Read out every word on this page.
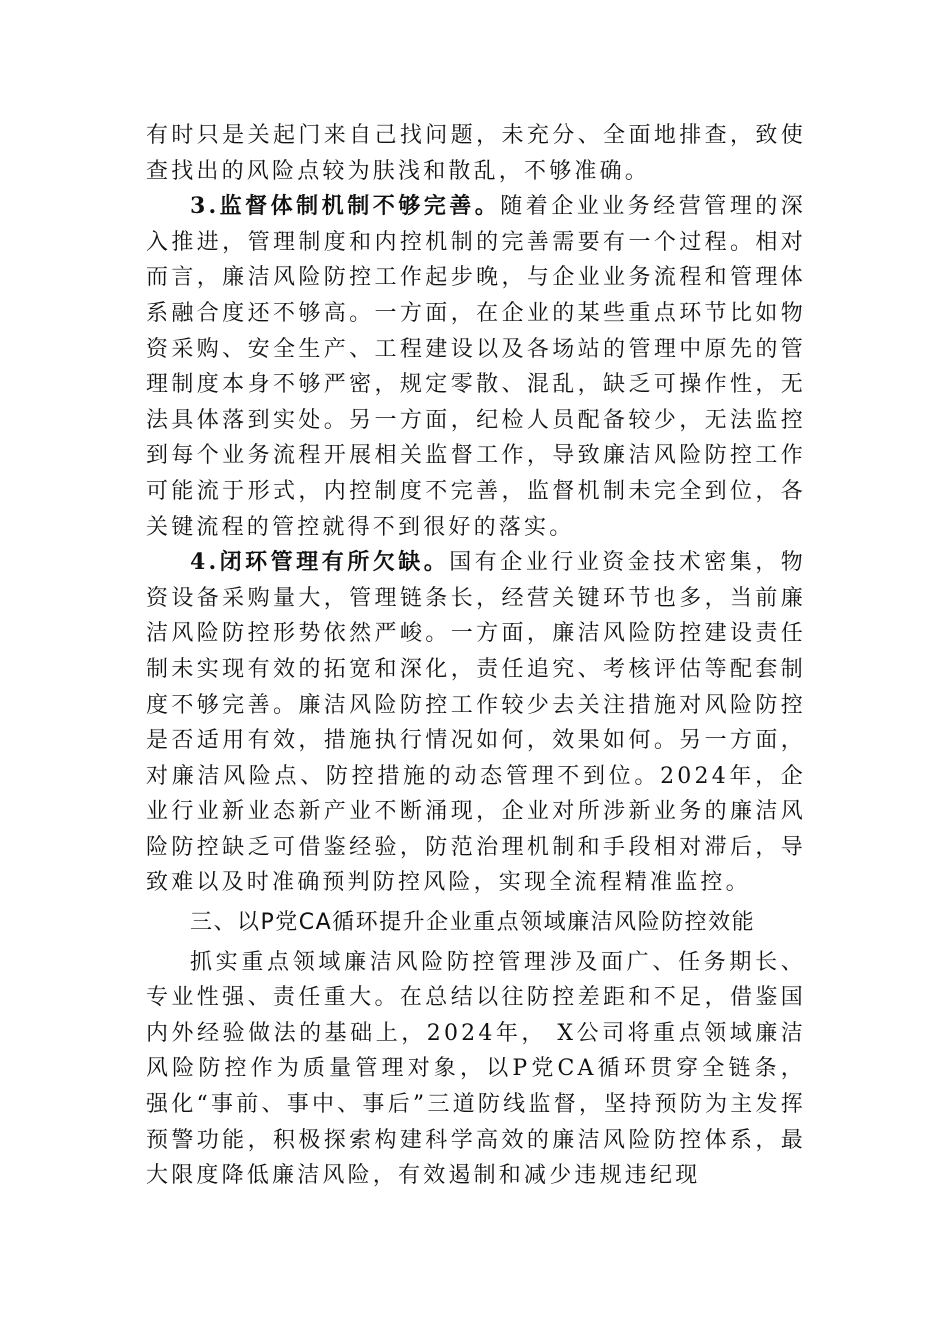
有时只是关起门来自己找问题，未充分、全面地排查，致使查找出的风险点较为肤浅和散乱，不够准确。

3.监督体制机制不够完善。随着企业业务经营管理的深入推进，管理制度和内控机制的完善需要有一个过程。相对而言，廉洁风险防控工作起步晚，与企业业务流程和管理体系融合度还不够高。一方面，在企业的某些重点环节比如物资采购、安全生产、工程建设以及各场站的管理中原先的管理制度本身不够严密，规定零散、混乱，缺乏可操作性，无法具体落到实处。另一方面，纪检人员配备较少，无法监控到每个业务流程开展相关监督工作，导致廉洁风险防控工作可能流于形式，内控制度不完善，监督机制未完全到位，各关键流程的管控就得不到很好的落实。

4.闭环管理有所欠缺。国有企业行业资金技术密集，物资设备采购量大，管理链条长，经营关键环节也多，当前廉洁风险防控形势依然严峻。一方面，廉洁风险防控建设责任制未实现有效的拓宽和深化，责任追究、考核评估等配套制度不够完善。廉洁风险防控工作较少去关注措施对风险防控是否适用有效，措施执行情况如何，效果如何。另一方面，对廉洁风险点、防控措施的动态管理不到位。2024年，企业行业新业态新产业不断涌现，企业对所涉新业务的廉洁风险防控缺乏可借鉴经验，防范治理机制和手段相对滞后，导致难以及时准确预判防控风险，实现全流程精准监控。

三、以P党CA循环提升企业重点领域廉洁风险防控效能

抓实重点领域廉洁风险防控管理涉及面广、任务期长、专业性强、责任重大。在总结以往防控差距和不足，借鉴国内外经验做法的基础上，2024年， X公司将重点领域廉洁风险防控作为质量管理对象，以P党CA循环贯穿全链条，强化“事前、事中、事后”三道防线监督，坚持预防为主发挥预警功能，积极探索构建科学高效的廉洁风险防控体系，最大限度降低廉洁风险，有效遏制和减少违规违纪现
